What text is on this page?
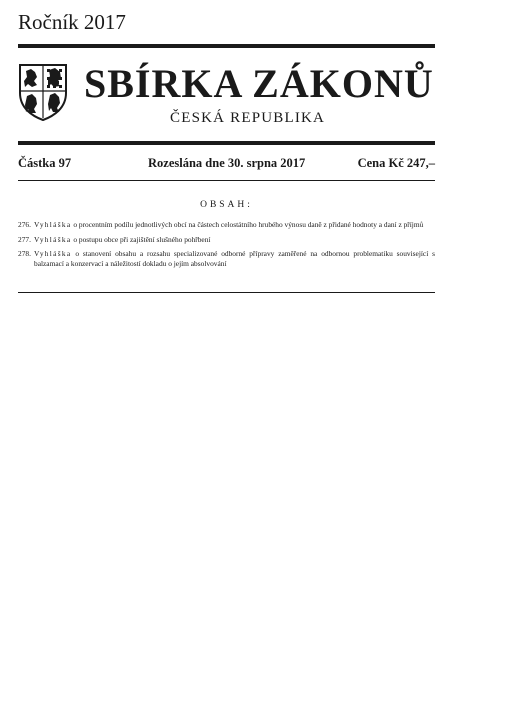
Ročník 2017
SBÍRKA ZÁKONŮ
ČESKÁ REPUBLIKA
Částka 97	Rozeslána dne 30. srpna 2017	Cena Kč 247,–
OBSAH:
276. Vyhláška o procentním podílu jednotlivých obcí na částech celostátního hrubého výnosu daně z přidané hodnoty a daní z příjmů
277. Vyhláška o postupu obce při zajištění slušného pohřbení
278. Vyhláška o stanovení obsahu a rozsahu specializované odborné přípravy zaměřené na odbornou problematiku související s balzamací a konzervací a náležitostí dokladu o jejím absolvování
